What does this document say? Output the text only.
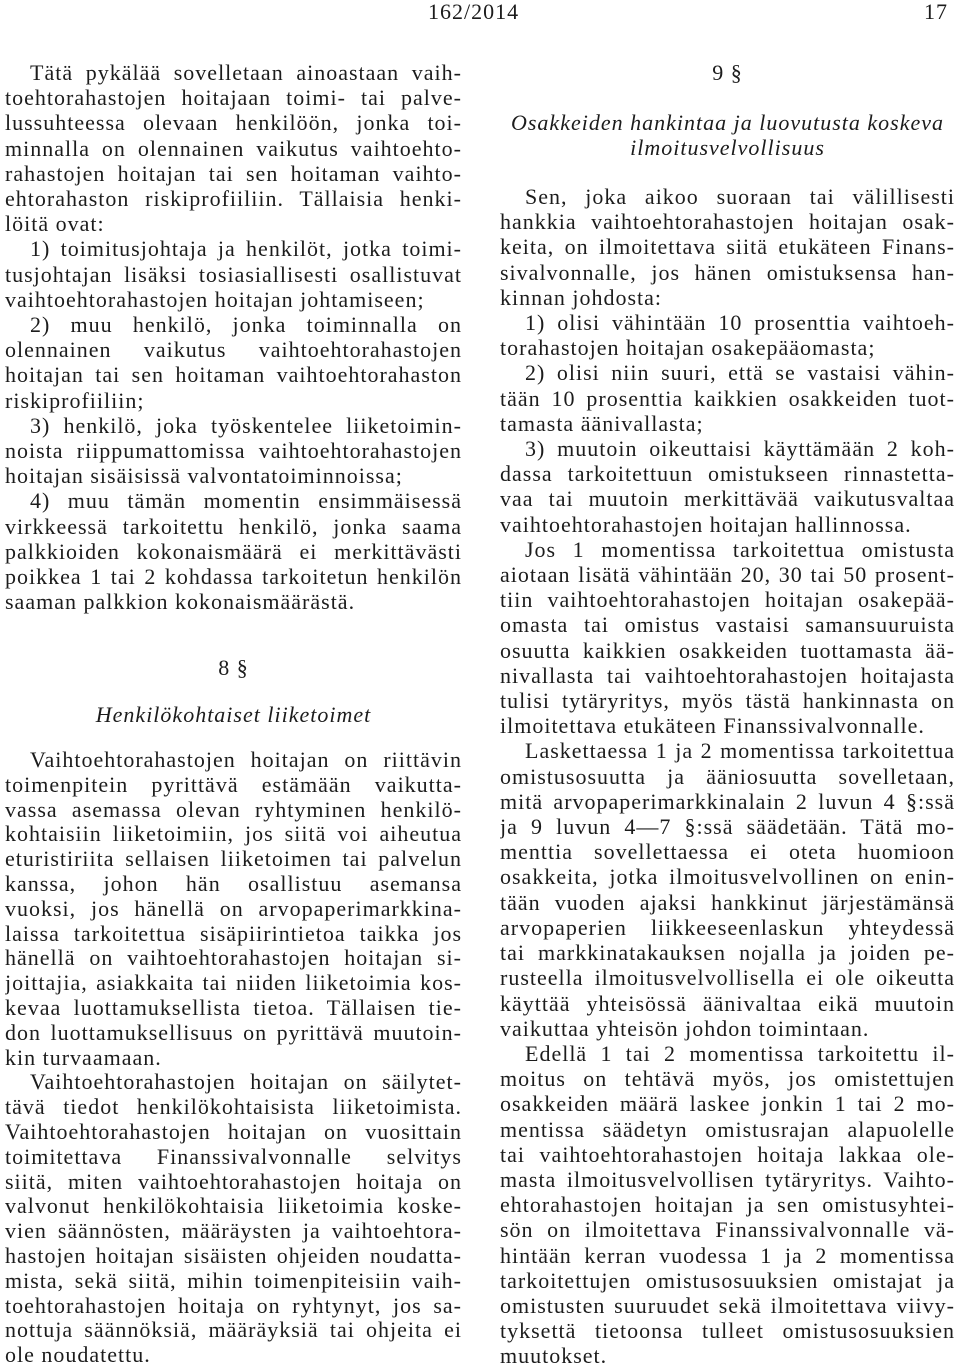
162/2014	17
Tätä pykälää sovelletaan ainoastaan vaih-
toehtorahastojen hoitajaan toimi- tai palve-
lussuhteessa olevaan henkilöön, jonka toi-
minnalla on olennainen vaikutus vaihtoehto-
rahastojen hoitajan tai sen hoitaman vaihto-
ehtorahaston riskiprofiiliin. Tällaisia henki-
löitä ovat:
1) toimitusjohtaja ja henkilöt, jotka toimi-
tusjohtajan lisäksi tosiasiallisesti osallistuvat
vaihtoehtorahastojen hoitajan johtamiseen;
2) muu henkilö, jonka toiminnalla on
olennainen vaikutus vaihtoehtorahastojen
hoitajan tai sen hoitaman vaihtoehtorahaston
riskiprofiiliin;
3) henkilö, joka työskentelee liiketoimin-
noista riippumattomissa vaihtoehtorahastojen
hoitajan sisäisissä valvontatoiminnoissa;
4) muu tämän momentin ensimmäisessä
virkkeessä tarkoitettu henkilö, jonka saama
palkkioiden kokonaismäärä ei merkittävästi
poikkea 1 tai 2 kohdassa tarkoitetun henkilön
saaman palkkion kokonaismäärästä.
8 §
Henkilökohtaiset liiketoimet
Vaihtoehtorahastojen hoitajan on riittävin
toimenpitein pyrittävä estämään vaikutta-
vassa asemassa olevan ryhtyminen henkilö-
kohtaisiin liiketoimiin, jos siitä voi aiheutua
eturistiriita sellaisen liiketoimen tai palvelun
kanssa, johon hän osallistuu asemansa
vuoksi, jos hänellä on arvopaperimarkkina-
laissa tarkoitettua sisäpiirintietoa taikka jos
hänellä on vaihtoehtorahastojen hoitajan si-
joittajia, asiakkaita tai niiden liiketoimia kos-
kevaa luottamuksellista tietoa. Tällaisen tie-
don luottamuksellisuus on pyrittävä muutoin-
kin turvaamaan.
Vaihtoehtorahastojen hoitajan on säilytet-
tävä tiedot henkilökohtaisista liiketoimista.
Vaihtoehtorahastojen hoitajan on vuosittain
toimitettava Finanssivalvonnalle selvitys
siitä, miten vaihtoehtorahastojen hoitaja on
valvonut henkilökohtaisia liiketoimia koske-
vien säännösten, määräysten ja vaihtoehtora-
hastojen hoitajan sisäisten ohjeiden noudatta-
mista, sekä siitä, mihin toimenpiteisiin vaih-
toehtorahastojen hoitaja on ryhtynyt, jos sa-
nottuja säännöksiä, määräyksiä tai ohjeita ei
ole noudatettu.
9 §
Osakkeiden hankintaa ja luovutusta koskeva
ilmoitusvelvollisuus
Sen, joka aikoo suoraan tai välillisesti
hankkia vaihtoehtorahastojen hoitajan osak-
keita, on ilmoitettava siitä etukäteen Finans-
sivalvonnalle, jos hänen omistuksensa han-
kinnan johdosta:
1) olisi vähintään 10 prosenttia vaihtoeh-
torahastojen hoitajan osakepääomasta;
2) olisi niin suuri, että se vastaisi vähin-
tään 10 prosenttia kaikkien osakkeiden tuot-
tamasta äänivallasta;
3) muutoin oikeuttaisi käyttämään 2 koh-
dassa tarkoitettuun omistukseen rinnastetta-
vaa tai muutoin merkittävää vaikutusvaltaa
vaihtoehtorahastojen hoitajan hallinnossa.
Jos 1 momentissa tarkoitettua omistusta
aiotaan lisätä vähintään 20, 30 tai 50 prosent-
tiin vaihtoehtorahastojen hoitajan osakepää-
omasta tai omistus vastaisi samansuuruista
osuutta kaikkien osakkeiden tuottamasta ää-
nivallasta tai vaihtoehtorahastojen hoitajasta
tulisi tytäryritys, myös tästä hankinnasta on
ilmoitettava etukäteen Finanssivalvonnalle.
Laskettaessa 1 ja 2 momentissa tarkoitettua
omistusosuutta ja ääniosuutta sovelletaan,
mitä arvopaperimarkkinalain 2 luvun 4 §:ssä
ja 9 luvun 4—7 §:ssä säädetään. Tätä mo-
menttia sovellettaessa ei oteta huomioon
osakkeita, jotka ilmoitusvelvollinen on enin-
tään vuoden ajaksi hankkinut järjestämänsä
arvopaperien liikkeeseenlaskun yhteydessä
tai markkinatakauksen nojalla ja joiden pe-
rusteella ilmoitusvelvollisella ei ole oikeutta
käyttää yhteisössä äänivaltaa eikä muutoin
vaikuttaa yhteisön johdon toimintaan.
Edellä 1 tai 2 momentissa tarkoitettu il-
moitus on tehtävä myös, jos omistettujen
osakkeiden määrä laskee jonkin 1 tai 2 mo-
mentissa säädetyn omistusrajan alapuolelle
tai vaihtoehtorahastojen hoitaja lakkaa ole-
masta ilmoitusvelvollisen tytäryritys. Vaihto-
ehtorahastojen hoitajan ja sen omistusyhtei-
sön on ilmoitettava Finanssivalvonnalle vä-
hintään kerran vuodessa 1 ja 2 momentissa
tarkoitettujen omistusosuuksien omistajat ja
omistusten suuruudet sekä ilmoitettava viivy-
tyksettä tietoonsa tulleet omistusosuuksien
muutokset.
